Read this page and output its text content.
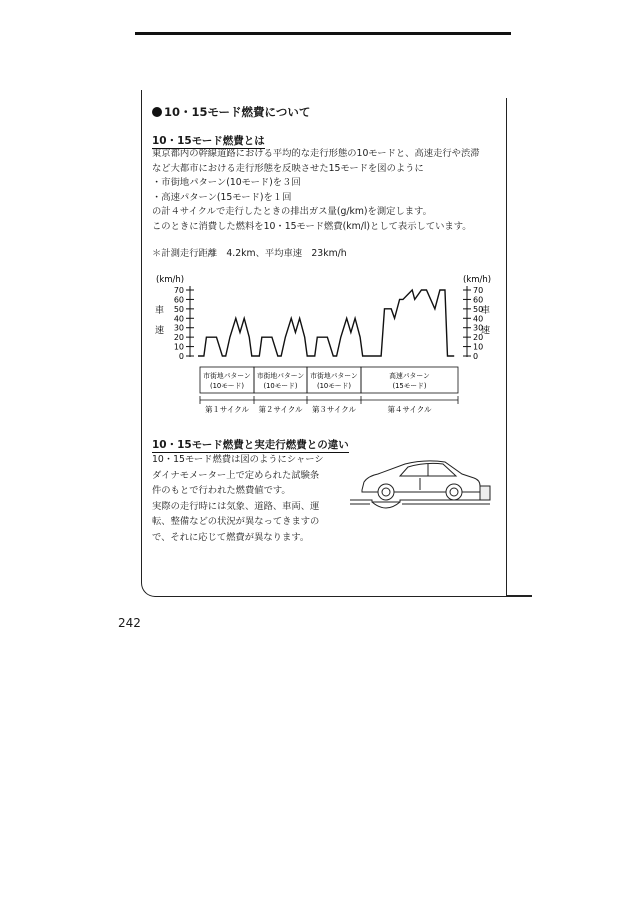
10・15モード燃費について
10・15モード燃費とは

東京都内の幹線道路における平均的な走行形態の10モードと、高速走行や渋滞

など大都市における走行形態を反映させた15モードを図のように

・市街地パターン(10モード)を３回

・高速パターン(15モード)を１回

の計４サイクルで走行したときの排出ガス量(g/km)を測定します。

このときに消費した燃料を10・15モード燃費(km/l)として表示しています。

＊計測走行距離　4.2km、平均車速　23km/h
(km/h)	(km/h)
0
10
20
30
40
50
60
70
0
10
20
30
40
50
60
70
車
速
車
速
市街地パターン
(10モード)
市街地パターン
(10モード)
市街地パターン
(10モード)
高速パターン
(15モード)
第１サイクル 第２サイクル 第３サイクル	第４サイクル
10・15モード燃費と実走行燃費との違い

10・15モード燃費は図のようにシャーシ

ダイナモメーター上で定められた試験条

件のもとで行われた燃費値です。

実際の走行時には気象、道路、車両、運

転、整備などの状況が異なってきますの

で、それに応じて燃費が異なります。

242
